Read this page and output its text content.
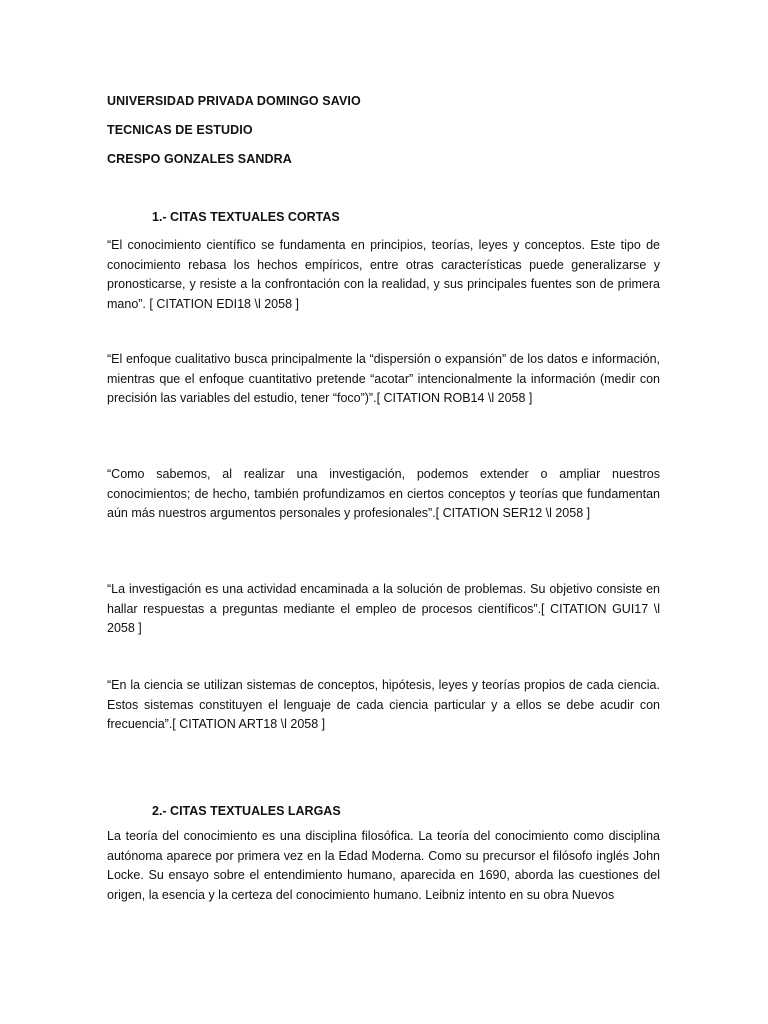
UNIVERSIDAD PRIVADA DOMINGO SAVIO
TECNICAS DE ESTUDIO
CRESPO GONZALES SANDRA
1.- CITAS TEXTUALES CORTAS
“El conocimiento científico se fundamenta en principios, teorías, leyes y conceptos. Este tipo de conocimiento rebasa los hechos empíricos, entre otras características puede generalizarse y pronosticarse, y resiste a la confrontación con la realidad, y sus principales fuentes son de primera mano”. [ CITATION EDI18 \l 2058 ]
“El enfoque cualitativo busca principalmente la “dispersión o expansión” de los datos e información, mientras que el enfoque cuantitativo pretende “acotar” intencionalmente la información (medir con precisión las variables del estudio, tener “foco”)”.[ CITATION ROB14 \l 2058 ]
“Como sabemos, al realizar una investigación, podemos extender o ampliar nuestros conocimientos; de hecho, también profundizamos en ciertos conceptos y teorías que fundamentan aún más nuestros argumentos personales y profesionales”.[ CITATION SER12 \l 2058 ]
“La investigación es una actividad encaminada a la solución de problemas. Su objetivo consiste en hallar respuestas a preguntas mediante el empleo de procesos científicos”.[ CITATION GUI17 \l 2058 ]
“En la ciencia se utilizan sistemas de conceptos, hipótesis, leyes y teorías propios de cada ciencia. Estos sistemas constituyen el lenguaje de cada ciencia particular y a ellos se debe acudir con frecuencia”.[ CITATION ART18 \l 2058 ]
2.- CITAS TEXTUALES LARGAS
La teoría del conocimiento es una disciplina filosófica. La teoría del conocimiento como disciplina autónoma aparece por primera vez en la Edad Moderna. Como su precursor el filósofo inglés John Locke. Su ensayo sobre el entendimiento humano, aparecida en 1690, aborda las cuestiones del origen, la esencia y la certeza del conocimiento humano. Leibniz intento en su obra Nuevos
